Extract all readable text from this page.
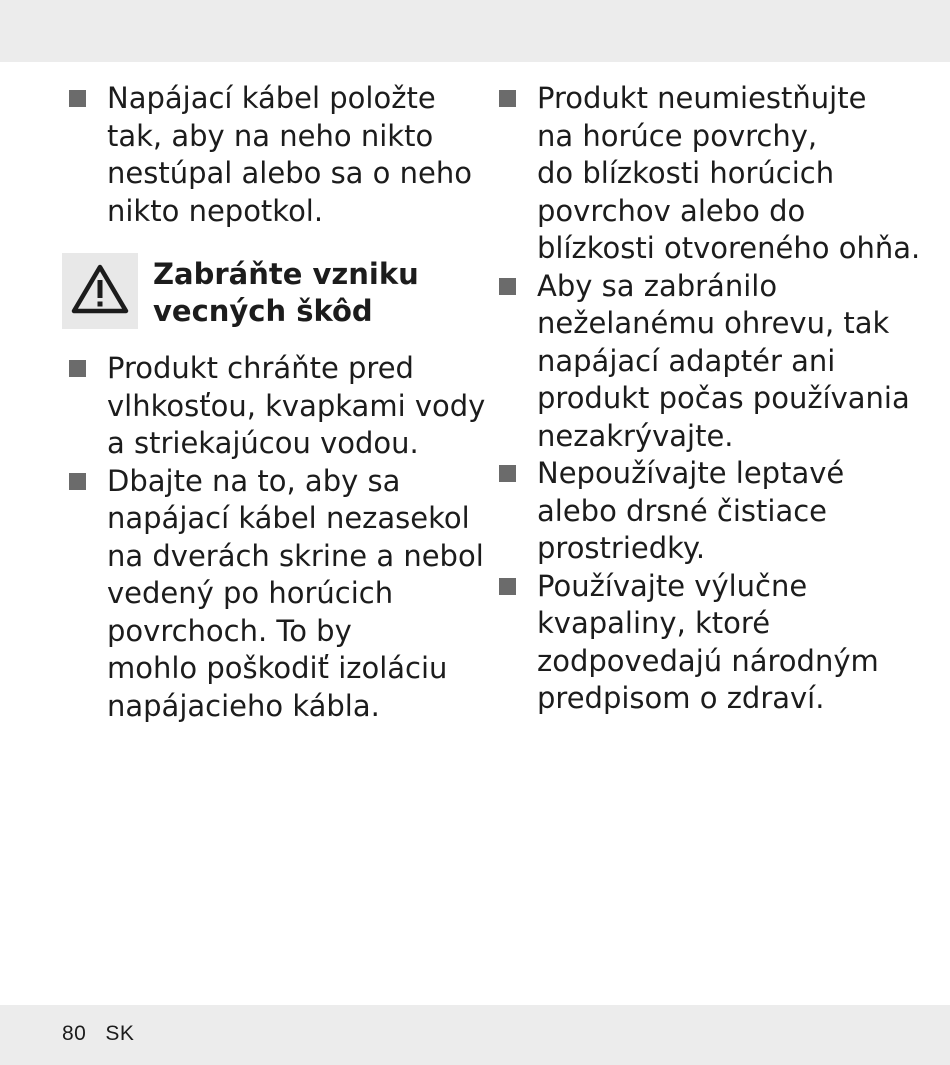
Napájací kábel položte
tak, aby na neho nikto
nestúpal alebo sa o neho
nikto nepotkol.
Zabráňte vzniku
vecných škôd
Produkt chráňte pred
vlhkosťou, kvapkami vody
a striekajúcou vodou.
Dbajte na to, aby sa
napájací kábel nezasekol
na dverách skrine a nebol
vedený po horúcich
povrchoch. To by
mohlo poškodiť izoláciu
napájacieho kábla.
Produkt neumiestňujte
na horúce povrchy,
do blízkosti horúcich
povrchov alebo do
blízkosti otvoreného ohňa.
Aby sa zabránilo
neželanému ohrevu, tak
napájací adaptér ani
produkt počas používania
nezakrývajte.
Nepoužívajte leptavé
alebo drsné čistiace
prostriedky.
Používajte výlučne
kvapaliny, ktoré
zodpovedajú národným
predpisom o zdraví.
80 SK
